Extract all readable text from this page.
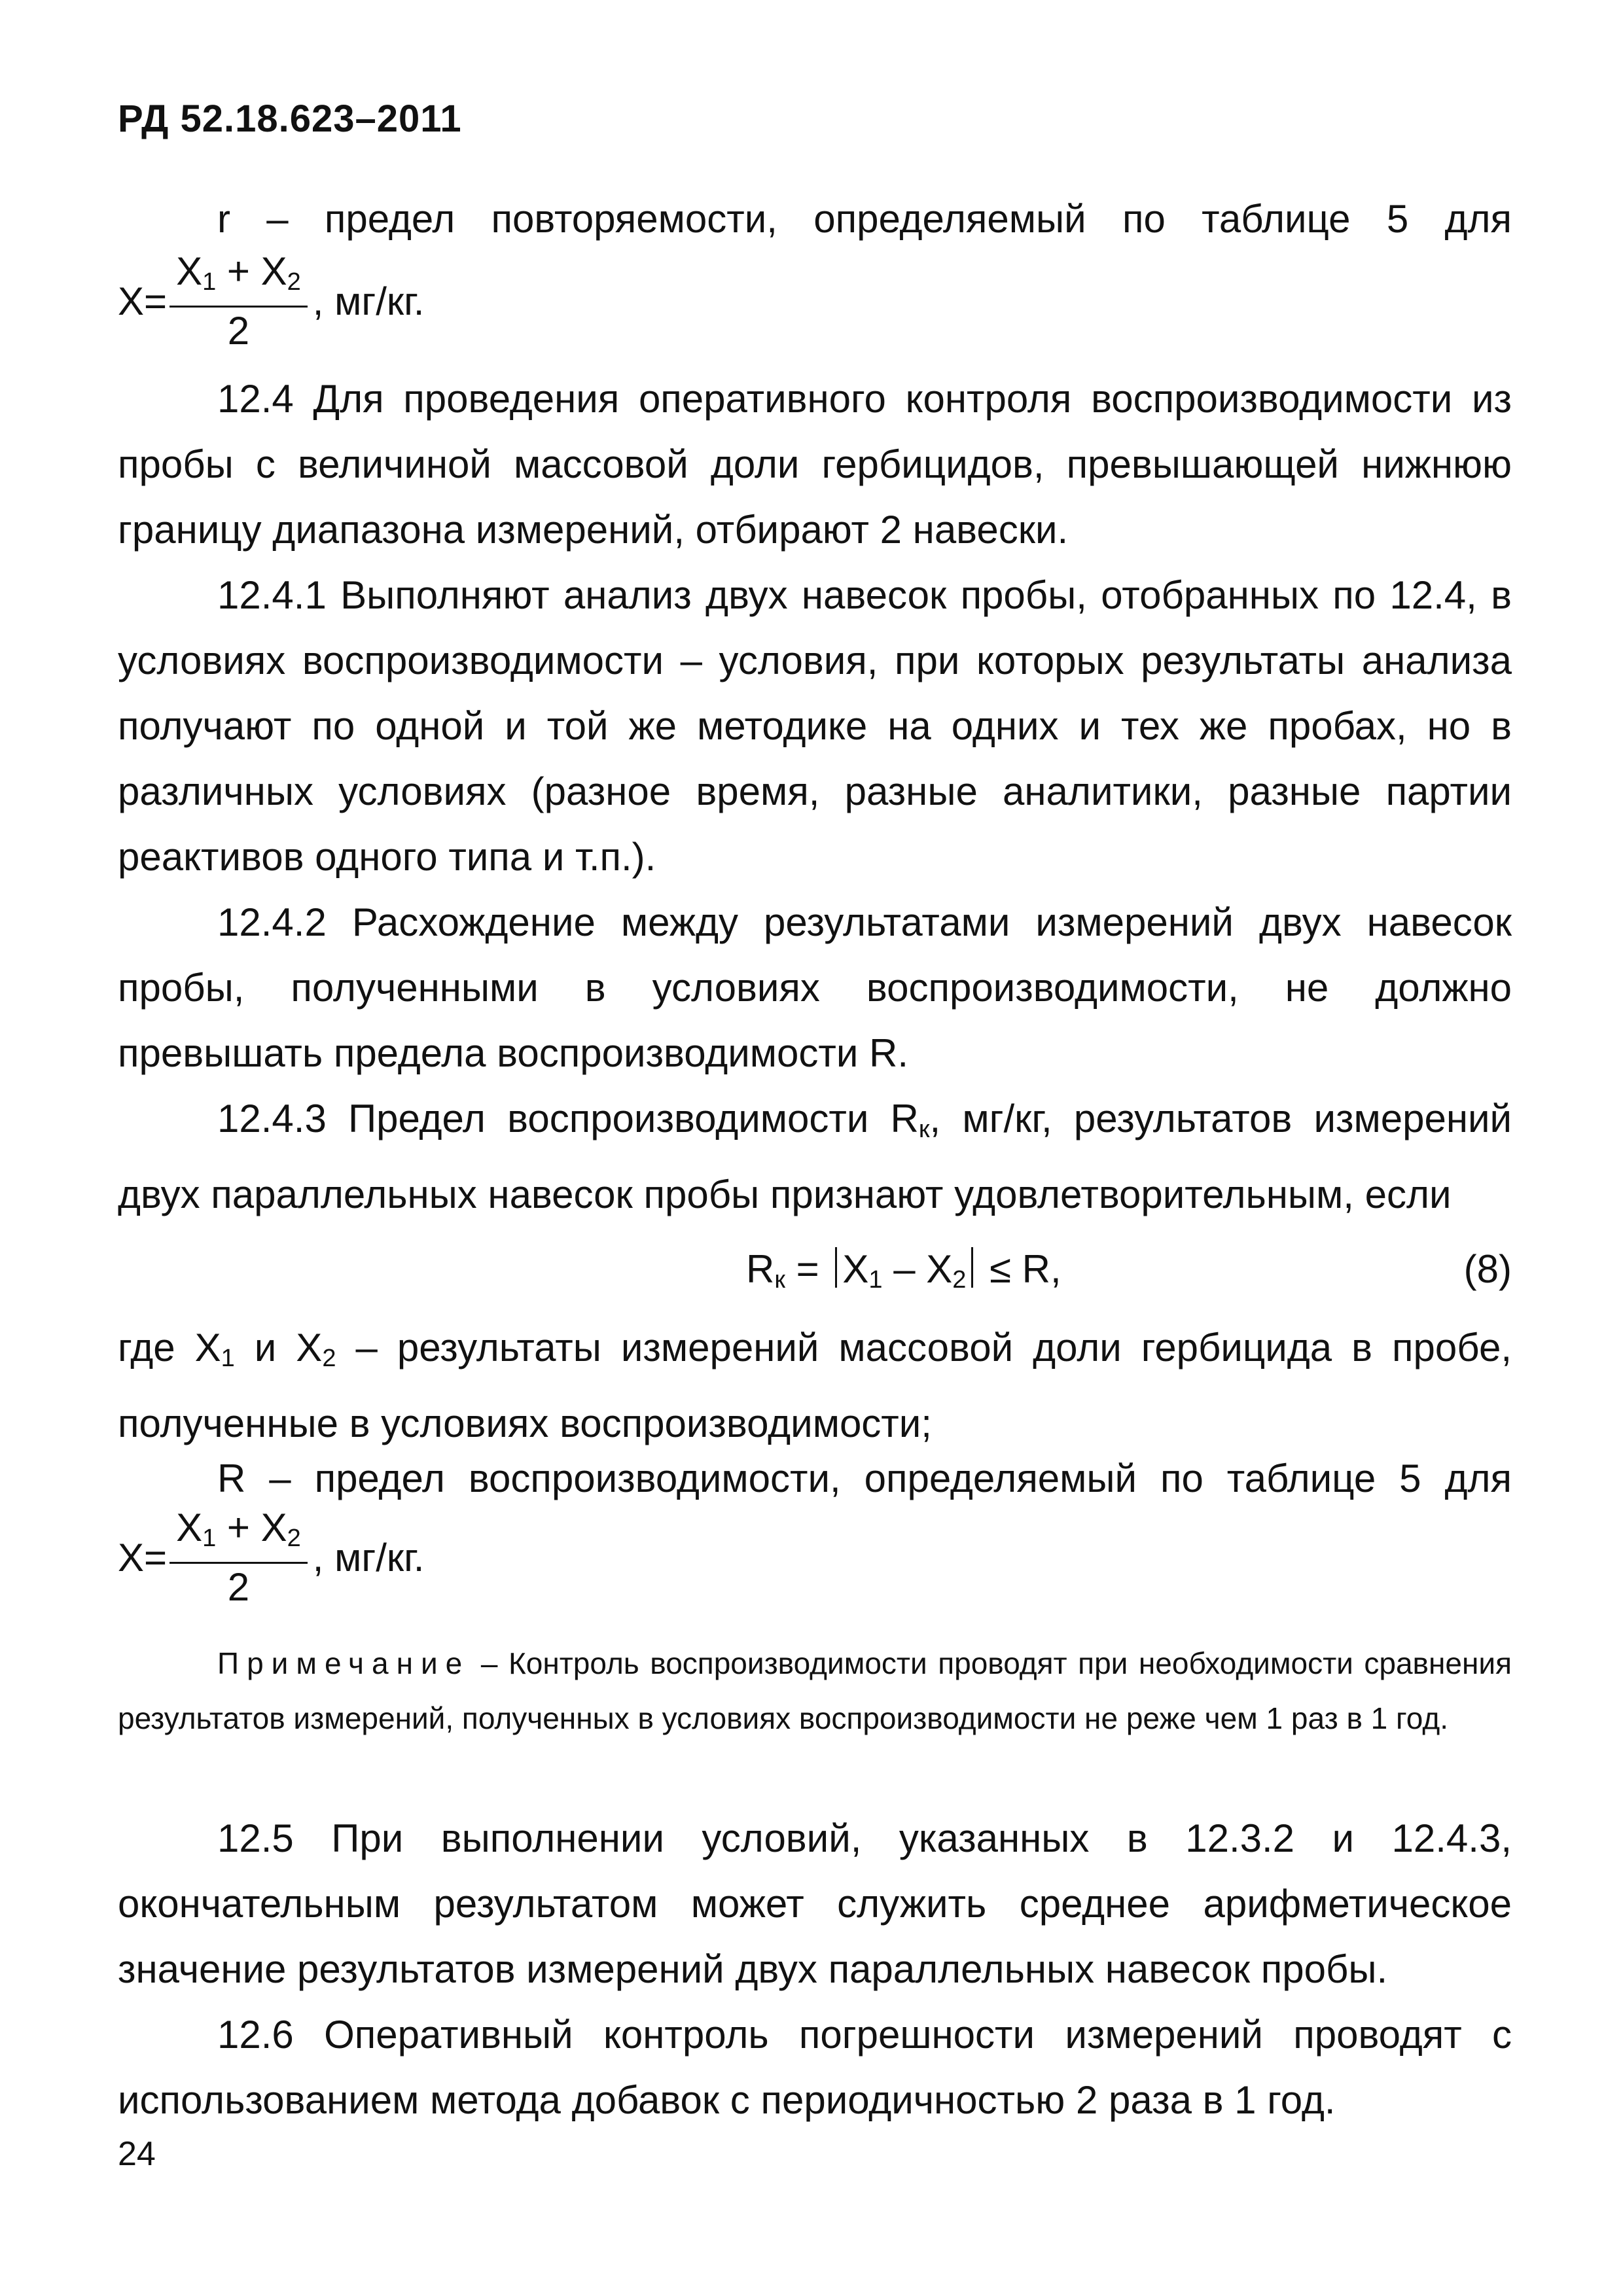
РД 52.18.623–2011
r – предел повторяемости, определяемый по таблице 5 для
$X= \frac{X_1 + X_2}{2}$ , мг/кг.
12.4 Для проведения оперативного контроля воспроизводимости из пробы с величиной массовой доли гербицидов, превышающей нижнюю границу диапазона измерений, отбирают 2 навески.
12.4.1 Выполняют анализ двух навесок пробы, отобранных по 12.4, в условиях воспроизводимости – условия, при которых результаты анализа получают по одной и той же методике на одних и тех же пробах, но в различных условиях (разное время, разные аналитики, разные партии реактивов одного типа и т.п.).
12.4.2 Расхождение между результатами измерений двух навесок пробы, полученными в условиях воспроизводимости, не должно превышать предела воспроизводимости R.
12.4.3 Предел воспроизводимости $R_к$, мг/кг, результатов измерений двух параллельных навесок пробы признают удовлетворительным, если
$R_к = X_1 - X_2 \le R$,	(8)
где $X_1$ и $X_2$ – результаты измерений массовой доли гербицида в пробе, полученные в условиях воспроизводимости;
R – предел воспроизводимости, определяемый по таблице 5 для
$X= \frac{X_1 + X_2}{2}$ , мг/кг.
Примечание – Контроль воспроизводимости проводят при необходимости сравнения результатов измерений, полученных в условиях воспроизводимости не реже чем 1 раз в 1 год.
12.5 При выполнении условий, указанных в 12.3.2 и 12.4.3, окончательным результатом может служить среднее арифметическое значение результатов измерений двух параллельных навесок пробы.
12.6 Оперативный контроль погрешности измерений проводят с использованием метода добавок с периодичностью 2 раза в 1 год.
24
